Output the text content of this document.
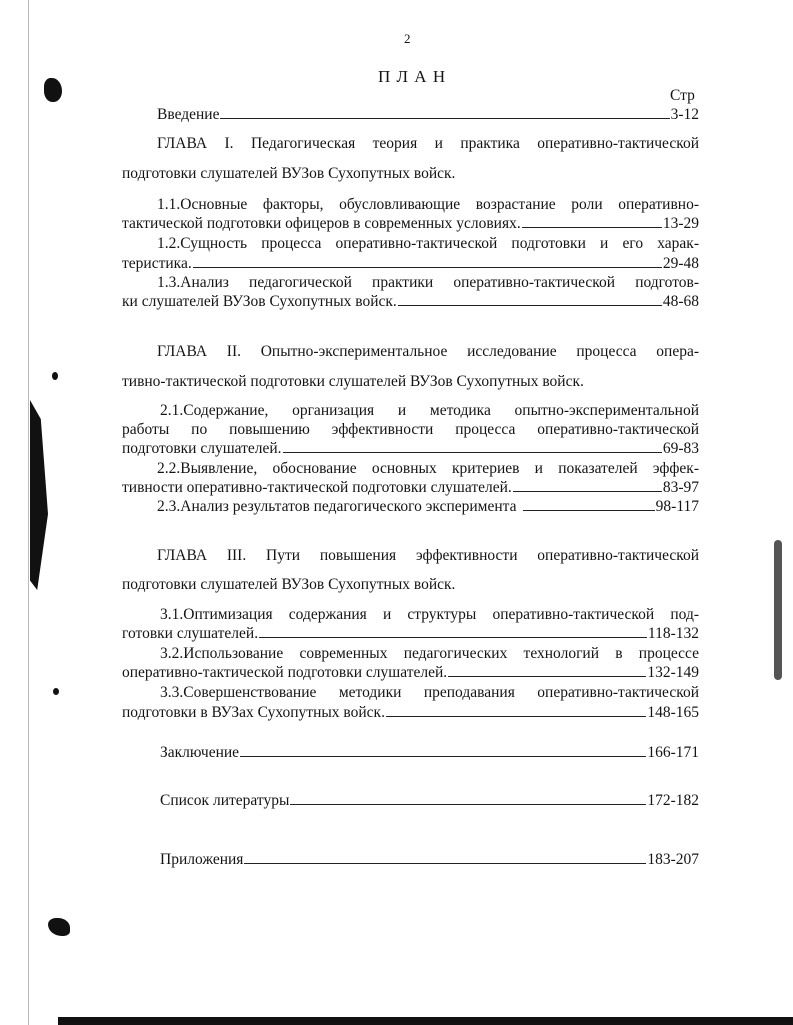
2
П Л А Н
Стр
Введение	3-12
ГЛАВА I. Педагогическая теория и практика оперативно-тактической
подготовки слушателей ВУЗов Сухопутных войск.
1.1.Основные факторы, обусловливающие возрастание роли оперативно-
тактической подготовки офицеров в современных условиях.	13-29
1.2.Сущность процесса оперативно-тактической подготовки и его харак-
теристика.	29-48
1.3.Анализ педагогической практики оперативно-тактической подготов-
ки слушателей ВУЗов Сухопутных войск.	48-68
ГЛАВА II. Опытно-экспериментальное исследование процесса опера-
тивно-тактической подготовки слушателей ВУЗов Сухопутных войск.
2.1.Содержание, организация и методика опытно-экспериментальной
работы по повышению эффективности процесса оперативно-тактической
подготовки слушателей.	69-83
2.2.Выявление, обоснование основных критериев и показателей эффек-
тивности оперативно-тактической подготовки слушателей.	83-97
2.3.Анализ результатов педагогического эксперимента	98-117
ГЛАВА III. Пути повышения эффективности оперативно-тактической
подготовки слушателей ВУЗов Сухопутных войск.
3.1.Оптимизация содержания и структуры оперативно-тактической под-
готовки слушателей.	118-132
3.2.Использование современных педагогических технологий в процессе
оперативно-тактической подготовки слушателей.	132-149
3.3.Совершенствование методики преподавания оперативно-тактической
подготовки в ВУЗах Сухопутных войск.	148-165
Заключение	166-171
Список литературы	172-182
Приложения	183-207
